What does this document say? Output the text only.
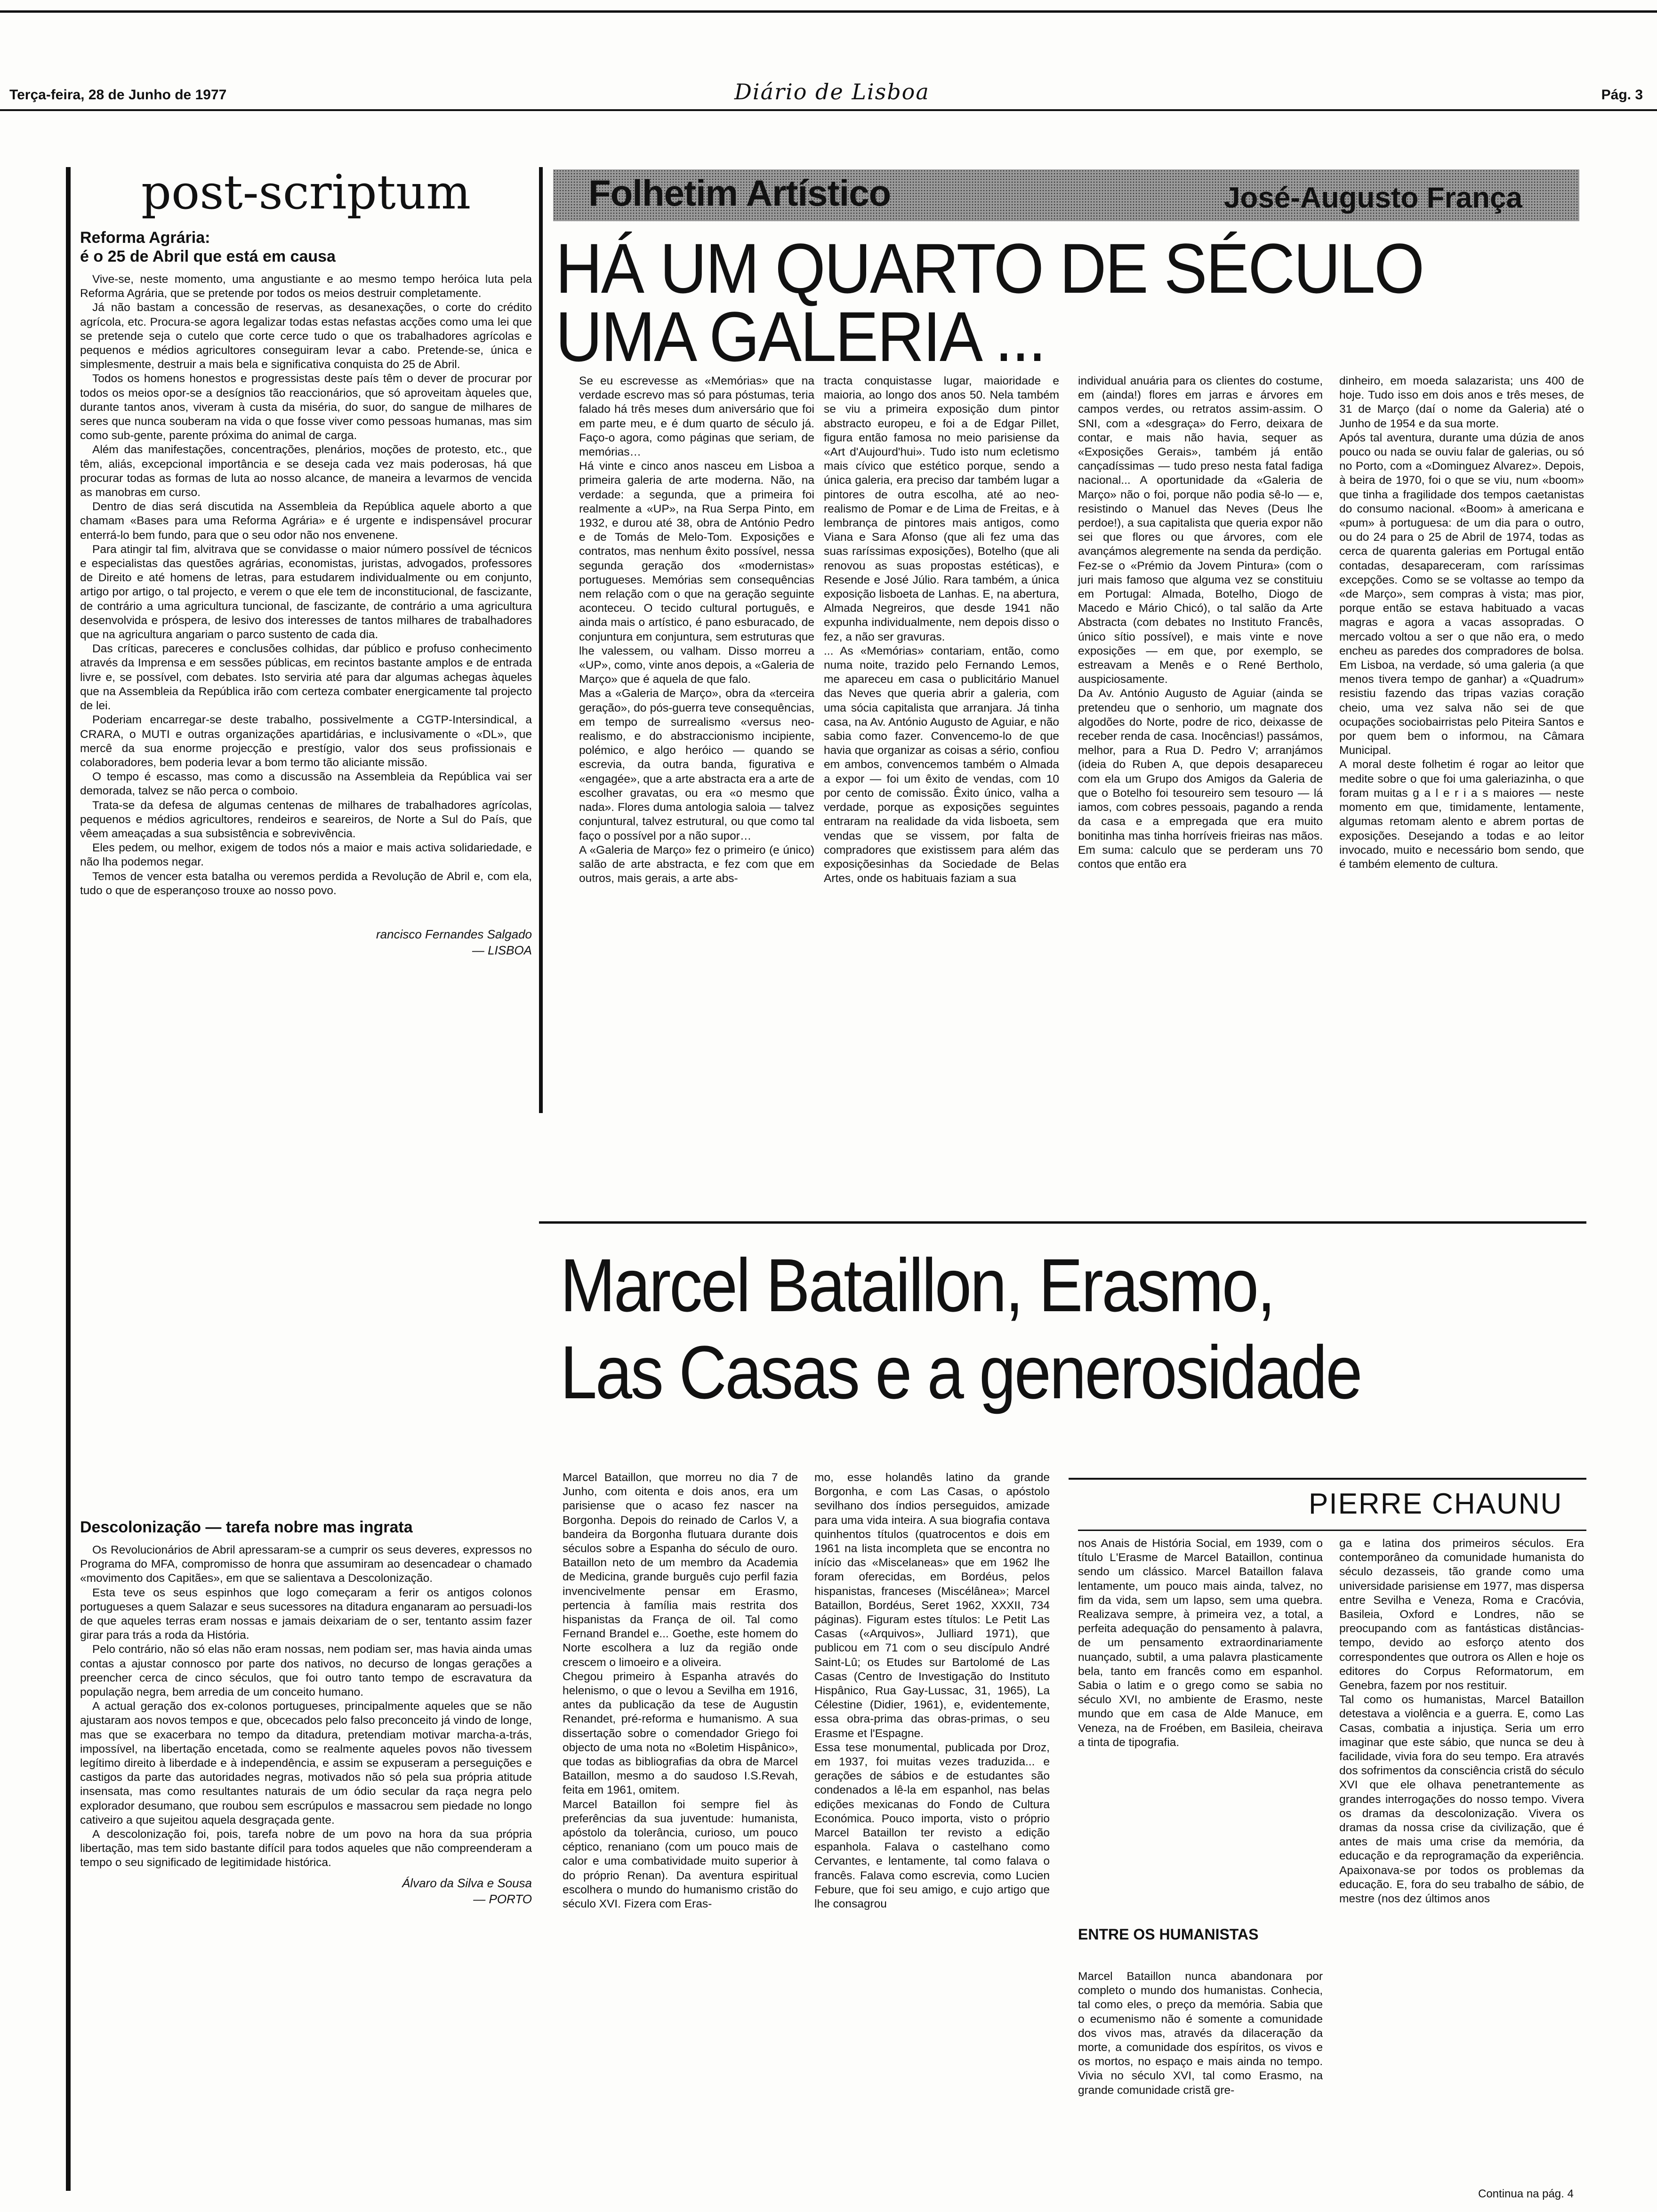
Terça-feira, 28 de Junho de 1977	Diário de Lisboa	Pág. 3
post-scriptum
Reforma Agrária:
é o 25 de Abril que está em causa

Vive-se, neste momento, uma angustiante e ao mesmo tempo heróica luta pela Reforma Agrária, que se pretende por todos os meios destruir completamente.

Já não bastam a concessão de reservas, as desanexações, o corte do crédito agrícola, etc. Procura-se agora legalizar todas estas nefastas acções como uma lei que se pretende seja o cutelo que corte cerce tudo o que os trabalhadores agrícolas e pequenos e médios agricultores conseguiram levar a cabo. Pretende-se, única e simplesmente, destruir a mais bela e significativa conquista do 25 de Abril.

Todos os homens honestos e progressistas deste país têm o dever de procurar por todos os meios opor-se a desígnios tão reaccionários, que só aproveitam àqueles que, durante tantos anos, viveram à custa da miséria, do suor, do sangue de milhares de seres que nunca souberam na vida o que fosse viver como pessoas humanas, mas sim como sub-gente, parente próxima do animal de carga.

Além das manifestações, concentrações, plenários, moções de protesto, etc., que têm, aliás, excepcional importância e se deseja cada vez mais poderosas, há que procurar todas as formas de luta ao nosso alcance, de maneira a levarmos de vencida as manobras em curso.

Dentro de dias será discutida na Assembleia da República aquele aborto a que chamam «Bases para uma Reforma Agrária» e é urgente e indispensável procurar enterrá-lo bem fundo, para que o seu odor não nos envenene.

Para atingir tal fim, alvitrava que se convidasse o maior número possível de técnicos e especialistas das questões agrárias, economistas, juristas, advogados, professores de Direito e até homens de letras, para estudarem individualmente ou em conjunto, artigo por artigo, o tal projecto, e verem o que ele tem de inconstitucional, de fascizante, de contrário a uma agricultura tuncional, de fascizante, de contrário a uma agricultura desenvolvida e próspera, de lesivo dos interesses de tantos milhares de trabalhadores que na agricultura angariam o parco sustento de cada dia.

Das críticas, pareceres e conclusões colhidas, dar público e profuso conhecimento através da Imprensa e em sessões públicas, em recintos bastante amplos e de entrada livre e, se possível, com debates. Isto serviria até para dar algumas achegas àqueles que na Assembleia da República irão com certeza combater energicamente tal projecto de lei.

Poderiam encarregar-se deste trabalho, possivelmente a CGTP-Intersindical, a CRARA, o MUTI e outras organizações apartidárias, e inclusivamente o «DL», que mercê da sua enorme projecção e prestígio, valor dos seus profissionais e colaboradores, bem poderia levar a bom termo tão aliciante missão.

O tempo é escasso, mas como a discussão na Assembleia da República vai ser demorada, talvez se não perca o comboio.

Trata-se da defesa de algumas centenas de milhares de trabalhadores agrícolas, pequenos e médios agricultores, rendeiros e seareiros, de Norte a Sul do País, que vêem ameaçadas a sua subsistência e sobrevivência.

Eles pedem, ou melhor, exigem de todos nós a maior e mais activa solidariedade, e não lha podemos negar.

Temos de vencer esta batalha ou veremos perdida a Revolução de Abril e, com ela, tudo o que de esperançoso trouxe ao nosso povo.

rancisco Fernandes Salgado
— LISBOA
Descolonização — tarefa nobre mas ingrata

Os Revolucionários de Abril apressaram-se a cumprir os seus deveres, expressos no Programa do MFA, compromisso de honra que assumiram ao desencadear o chamado «movimento dos Capitães», em que se salientava a Descolonização.

Esta teve os seus espinhos que logo começaram a ferir os antigos colonos portugueses a quem Salazar e seus sucessores na ditadura enganaram ao persuadi-los de que aqueles terras eram nossas e jamais deixariam de o ser, tentanto assim fazer girar para trás a roda da História.

Pelo contrário, não só elas não eram nossas, nem podiam ser, mas havia ainda umas contas a ajustar connosco por parte dos nativos, no decurso de longas gerações a preencher cerca de cinco séculos, que foi outro tanto tempo de escravatura da população negra, bem arredia de um conceito humano.

A actual geração dos ex-colonos portugueses, principalmente aqueles que se não ajustaram aos novos tempos e que, obcecados pelo falso preconceito já vindo de longe, mas que se exacerbara no tempo da ditadura, pretendiam motivar marcha-a-trás, impossível, na libertação encetada, como se realmente aqueles povos não tivessem legítimo direito à liberdade e à independência, e assim se expuseram a perseguições e castigos da parte das autoridades negras, motivados não só pela sua própria atitude insensata, mas como resultantes naturais de um ódio secular da raça negra pelo explorador desumano, que roubou sem escrúpulos e massacrou sem piedade no longo cativeiro a que sujeitou aquela desgraçada gente.

A descolonização foi, pois, tarefa nobre de um povo na hora da sua própria libertação, mas tem sido bastante difícil para todos aqueles que não compreenderam a tempo o seu significado de legitimidade histórica.

Álvaro da Silva e Sousa
— PORTO
Folhetim Artístico	José-Augusto França
HÁ UM QUARTO DE SÉCULO
UMA GALERIA ...
Se eu escrevesse as «Memórias» que na verdade escrevo mas só para póstumas, teria falado há três meses dum aniversário que foi em parte meu, e é dum quarto de século já. Faço-o agora, como páginas que seriam, de memórias…
Há vinte e cinco anos nasceu em Lisboa a primeira galeria de arte moderna. Não, na verdade: a segunda, que a primeira foi realmente a «UP», na Rua Serpa Pinto, em 1932, e durou até 38, obra de António Pedro e de Tomás de Melo-Tom. Exposições e contratos, mas nenhum êxito possível, nessa segunda geração dos «modernistas» portugueses. Memórias sem consequências nem relação com o que na geração seguinte aconteceu. O tecido cultural português, e ainda mais o artístico, é pano esburacado, de conjuntura em conjuntura, sem estruturas que lhe valessem, ou valham. Disso morreu a «UP», como, vinte anos depois, a «Galeria de Março» que é aquela de que falo.
Mas a «Galeria de Março», obra da «terceira geração», do pós-guerra teve consequências, em tempo de surrealismo «versus neo-realismo, e do abstraccionismo incipiente, polémico, e algo heróico — quando se escrevia, da outra banda, figurativa e «engagée», que a arte abstracta era a arte de escolher gravatas, ou era «o mesmo que nada». Flores duma antologia saloia — talvez conjuntural, talvez estrutural, ou que como tal faço o possível por a não supor…
A «Galeria de Março» fez o primeiro (e único) salão de arte abstracta, e fez com que em outros, mais gerais, a arte abs-
tracta conquistasse lugar, maioridade e maioria, ao longo dos anos 50. Nela também se viu a primeira exposição dum pintor abstracto europeu, e foi a de Edgar Pillet, figura então famosa no meio parisiense da «Art d'Aujourd'hui». Tudo isto num ecletismo mais cívico que estético porque, sendo a única galeria, era preciso dar também lugar a pintores de outra escolha, até ao neo-realismo de Pomar e de Lima de Freitas, e à lembrança de pintores mais antigos, como Viana e Sara Afonso (que ali fez uma das suas raríssimas exposições), Botelho (que ali renovou as suas propostas estéticas), e Resende e José Júlio. Rara também, a única exposição lisboeta de Lanhas. E, na abertura, Almada Negreiros, que desde 1941 não expunha individualmente, nem depois disso o fez, a não ser gravuras.
... As «Memórias» contariam, então, como numa noite, trazido pelo Fernando Lemos, me apareceu em casa o publicitário Manuel das Neves que queria abrir a galeria, com uma sócia capitalista que arranjara. Já tinha casa, na Av. António Augusto de Aguiar, e não sabia como fazer. Convencemo-lo de que havia que organizar as coisas a sério, confiou em ambos, convencemos também o Almada a expor — foi um êxito de vendas, com 10 por cento de comissão. Êxito único, valha a verdade, porque as exposições seguintes entraram na realidade da vida lisboeta, sem vendas que se vissem, por falta de compradores que existissem para além das exposiçõesinhas da Sociedade de Belas Artes, onde os habituais faziam a sua
individual anuária para os clientes do costume, em (ainda!) flores em jarras e árvores em campos verdes, ou retratos assim-assim. O SNI, com a «desgraça» do Ferro, deixara de contar, e mais não havia, sequer as «Exposições Gerais», também já então cançadíssimas — tudo preso nesta fatal fadiga nacional... A oportunidade da «Galeria de Março» não o foi, porque não podia sê-lo — e, resistindo o Manuel das Neves (Deus lhe perdoe!), a sua capitalista que queria expor não sei que flores ou que árvores, com ele avançámos alegremente na senda da perdição.
Fez-se o «Prémio da Jovem Pintura» (com o juri mais famoso que alguma vez se constituiu em Portugal: Almada, Botelho, Diogo de Macedo e Mário Chicó), o tal salão da Arte Abstracta (com debates no Instituto Francês, único sítio possível), e mais vinte e nove exposições — em que, por exemplo, se estreavam a Menês e o René Bertholo, auspiciosamente.
Da Av. António Augusto de Aguiar (ainda se pretendeu que o senhorio, um magnate dos algodões do Norte, podre de rico, deixasse de receber renda de casa. Inocências!) passámos, melhor, para a Rua D. Pedro V; arranjámos (ideia do Ruben A, que depois desapareceu com ela um Grupo dos Amigos da Galeria de que o Botelho foi tesoureiro sem tesouro — lá iamos, com cobres pessoais, pagando a renda da casa e a empregada que era muito bonitinha mas tinha horríveis frieiras nas mãos. Em suma: calculo que se perderam uns 70 contos que então era
dinheiro, em moeda salazarista; uns 400 de hoje. Tudo isso em dois anos e três meses, de 31 de Março (daí o nome da Galeria) até o Junho de 1954 e da sua morte.
Após tal aventura, durante uma dúzia de anos pouco ou nada se ouviu falar de galerias, ou só no Porto, com a «Dominguez Alvarez». Depois, à beira de 1970, foi o que se viu, num «boom» que tinha a fragilidade dos tempos caetanistas do consumo nacional. «Boom» à americana e «pum» à portuguesa: de um dia para o outro, ou do 24 para o 25 de Abril de 1974, todas as cerca de quarenta galerias em Portugal então contadas, desapareceram, com raríssimas excepções. Como se se voltasse ao tempo da «de Março», sem compras à vista; mas pior, porque então se estava habituado a vacas magras e agora a vacas assopradas. O mercado voltou a ser o que não era, o medo encheu as paredes dos compradores de bolsa. Em Lisboa, na verdade, só uma galeria (a que menos tivera tempo de ganhar) a «Quadrum» resistiu fazendo das tripas vazias coração cheio, uma vez salva não sei de que ocupações sociobairristas pelo Piteira Santos e por quem bem o informou, na Câmara Municipal.
A moral deste folhetim é rogar ao leitor que medite sobre o que foi uma galeriazinha, o que foram muitas g a l e r i a s maiores — neste momento em que, timidamente, lentamente, algumas retomam alento e abrem portas de exposições. Desejando a todas e ao leitor invocado, muito e necessário bom sendo, que é também elemento de cultura.
Marcel Bataillon, Erasmo,
Las Casas e a generosidade
PIERRE CHAUNU
Marcel Bataillon, que morreu no dia 7 de Junho, com oitenta e dois anos, era um parisiense que o acaso fez nascer na Borgonha. Depois do reinado de Carlos V, a bandeira da Borgonha flutuara durante dois séculos sobre a Espanha do século de ouro. Bataillon neto de um membro da Academia de Medicina, grande burguês cujo perfil fazia invencivelmente pensar em Erasmo, pertencia à família mais restrita dos hispanistas da França de oil. Tal como Fernand Brandel e... Goethe, este homem do Norte escolhera a luz da região onde crescem o limoeiro e a oliveira.
Chegou primeiro à Espanha através do helenismo, o que o levou a Sevilha em 1916, antes da publicação da tese de Augustin Renandet, pré-reforma e humanismo. A sua dissertação sobre o comendador Griego foi objecto de uma nota no «Boletim Hispânico», que todas as bibliografias da obra de Marcel Bataillon, mesmo a do saudoso I.S.Revah, feita em 1961, omitem.
Marcel Bataillon foi sempre fiel às preferências da sua juventude: humanista, apóstolo da tolerância, curioso, um pouco céptico, renaniano (com um pouco mais de calor e uma combatividade muito superior à do próprio Renan). Da aventura espiritual escolhera o mundo do humanismo cristão do século XVI. Fizera com Eras-
mo, esse holandês latino da grande Borgonha, e com Las Casas, o apóstolo sevilhano dos índios perseguidos, amizade para uma vida inteira. A sua biografia contava quinhentos títulos (quatrocentos e dois em 1961 na lista incompleta que se encontra no início das «Miscelaneas» que em 1962 lhe foram oferecidas, em Bordéus, pelos hispanistas, franceses (Miscélânea»; Marcel Bataillon, Bordéus, Seret 1962, XXXII, 734 páginas). Figuram estes títulos: Le Petit Las Casas («Arquivos», Julliard 1971), que publicou em 71 com o seu discípulo André Saint-Lû; os Etudes sur Bartolomé de Las Casas (Centro de Investigação do Instituto Hispânico, Rua Gay-Lussac, 31, 1965), La Célestine (Didier, 1961), e, evidentemente, essa obra-prima das obras-primas, o seu Erasme et l'Espagne.
Essa tese monumental, publicada por Droz, em 1937, foi muitas vezes traduzida... e gerações de sábios e de estudantes são condenados a lê-la em espanhol, nas belas edições mexicanas do Fondo de Cultura Económica. Pouco importa, visto o próprio Marcel Bataillon ter revisto a edição espanhola. Falava o castelhano como Cervantes, e lentamente, tal como falava o francês. Falava como escrevia, como Lucien Febure, que foi seu amigo, e cujo artigo que lhe consagrou
nos Anais de História Social, em 1939, com o título L'Erasme de Marcel Bataillon, continua sendo um clássico. Marcel Bataillon falava lentamente, um pouco mais ainda, talvez, no fim da vida, sem um lapso, sem uma quebra. Realizava sempre, à primeira vez, a total, a perfeita adequação do pensamento à palavra, de um pensamento extraordinariamente nuançado, subtil, a uma palavra plasticamente bela, tanto em francês como em espanhol. Sabia o latim e o grego como se sabia no século XVI, no ambiente de Erasmo, neste mundo que em casa de Alde Manuce, em Veneza, na de Froében, em Basileia, cheirava a tinta de tipografia.
ENTRE OS HUMANISTAS
Marcel Bataillon nunca abandonara por completo o mundo dos humanistas. Conhecia, tal como eles, o preço da memória. Sabia que o ecumenismo não é somente a comunidade dos vivos mas, através da dilaceração da morte, a comunidade dos espíritos, os vivos e os mortos, no espaço e mais ainda no tempo. Vivia no século XVI, tal como Erasmo, na grande comunidade cristã gre-
ga e latina dos primeiros séculos. Era contemporâneo da comunidade humanista do século dezasseis, tão grande como uma universidade parisiense em 1977, mas dispersa entre Sevilha e Veneza, Roma e Cracóvia, Basileia, Oxford e Londres, não se preocupando com as fantásticas distâncias-tempo, devido ao esforço atento dos correspondentes que outrora os Allen e hoje os editores do Corpus Reformatorum, em Genebra, fazem por nos restituir.
Tal como os humanistas, Marcel Bataillon detestava a violência e a guerra. E, como Las Casas, combatia a injustiça. Seria um erro imaginar que este sábio, que nunca se deu à facilidade, vivia fora do seu tempo. Era através dos sofrimentos da consciência cristã do século XVI que ele olhava penetrantemente as grandes interrogações do nosso tempo. Vivera os dramas da descolonização. Vivera os dramas da nossa crise da civilização, que é antes de mais uma crise da memória, da educação e da reprogramação da experiência. Apaixonava-se por todos os problemas da educação. E, fora do seu trabalho de sábio, de mestre (nos dez últimos anos
Continua na pág. 4
